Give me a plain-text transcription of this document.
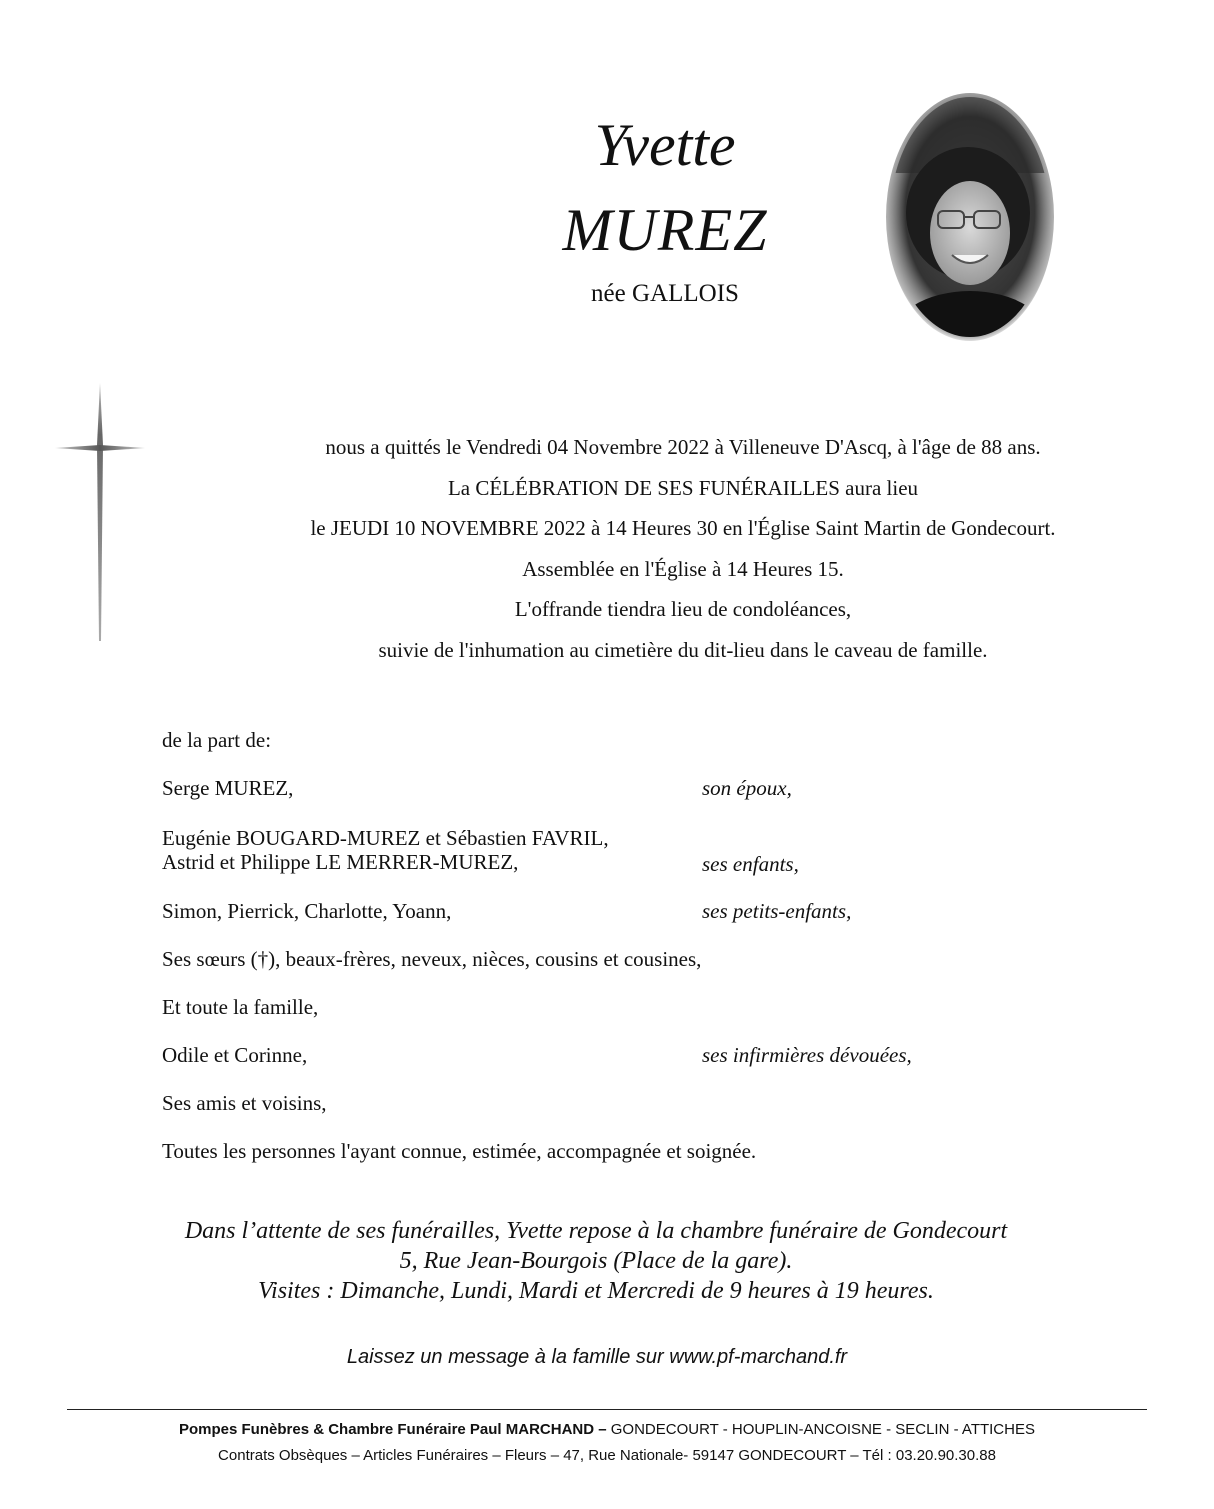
Yvette
MUREZ
née GALLOIS

nous a quittés le Vendredi 04 Novembre 2022 à Villeneuve D'Ascq, à l'âge de 88 ans.

La CÉLÉBRATION DE SES FUNÉRAILLES aura lieu

le JEUDI 10 NOVEMBRE 2022 à 14 Heures 30 en l'Église Saint Martin de Gondecourt.

Assemblée en l'Église à 14 Heures 15.

L'offrande tiendra lieu de condoléances,

suivie de l'inhumation au cimetière du dit-lieu dans le caveau de famille.

de la part de:
Serge MUREZ,	son époux,
Eugénie BOUGARD-MUREZ et Sébastien FAVRIL,
Astrid et Philippe LE MERRER-MUREZ,	ses enfants,
Simon, Pierrick, Charlotte, Yoann,	ses petits-enfants,
Ses sœurs (†), beaux-frères, neveux, nièces, cousins et cousines,
Et toute la famille,
Odile et Corinne,	ses infirmières dévouées,
Ses amis et voisins,
Toutes les personnes l'ayant connue, estimée, accompagnée et soignée.

Dans l’attente de ses funérailles, Yvette repose à la chambre funéraire de Gondecourt

5, Rue Jean-Bourgois (Place de la gare).

Visites : Dimanche, Lundi, Mardi et Mercredi de 9 heures à 19 heures.

Laissez un message à la famille sur www.pf-marchand.fr
Pompes Funèbres & Chambre Funéraire Paul MARCHAND – GONDECOURT - HOUPLIN-ANCOISNE - SECLIN - ATTICHES
Contrats Obsèques – Articles Funéraires – Fleurs – 47, Rue Nationale- 59147 GONDECOURT – Tél : 03.20.90.30.88
